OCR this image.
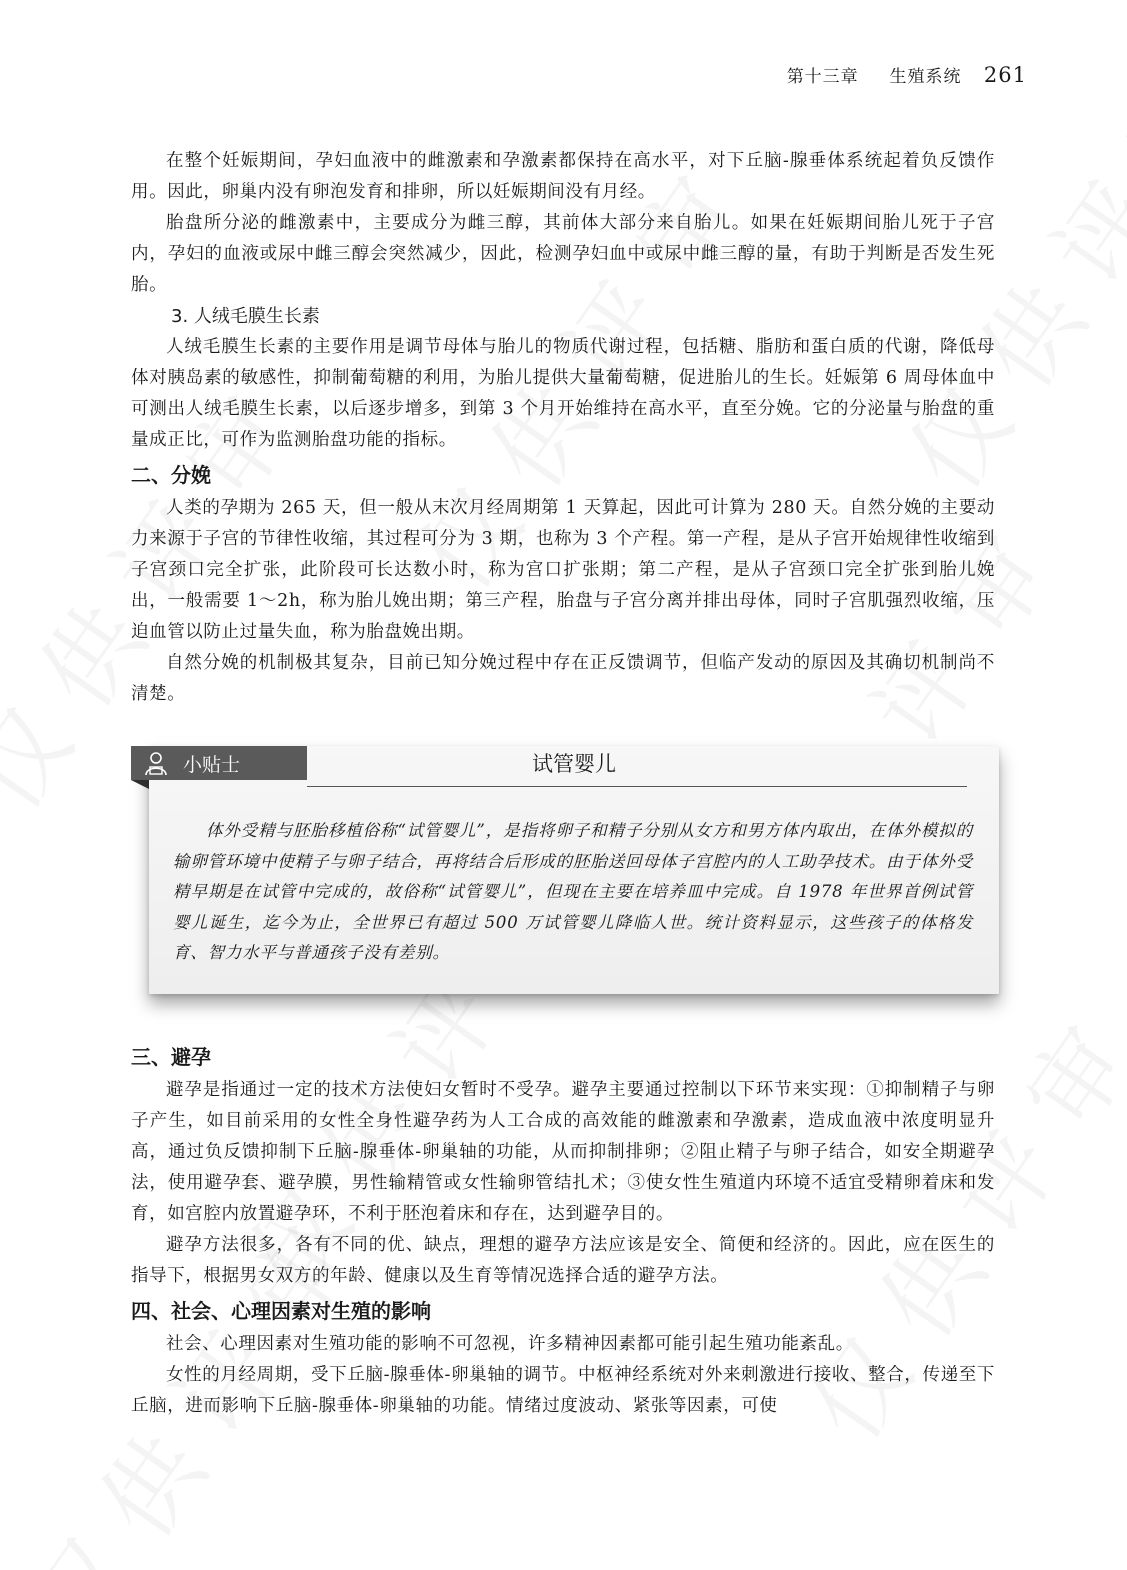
第十三章 生殖系统 261

在整个妊娠期间，孕妇血液中的雌激素和孕激素都保持在高水平，对下丘脑-腺垂体系统起着负反馈作用。因此，卵巢内没有卵泡发育和排卵，所以妊娠期间没有月经。

胎盘所分泌的雌激素中，主要成分为雌三醇，其前体大部分来自胎儿。如果在妊娠期间胎儿死于子宫内，孕妇的血液或尿中雌三醇会突然减少，因此，检测孕妇血中或尿中雌三醇的量，有助于判断是否发生死胎。

3. 人绒毛膜生长素

人绒毛膜生长素的主要作用是调节母体与胎儿的物质代谢过程，包括糖、脂肪和蛋白质的代谢，降低母体对胰岛素的敏感性，抑制葡萄糖的利用，为胎儿提供大量葡萄糖，促进胎儿的生长。妊娠第 6 周母体血中可测出人绒毛膜生长素，以后逐步增多，到第 3 个月开始维持在高水平，直至分娩。它的分泌量与胎盘的重量成正比，可作为监测胎盘功能的指标。

二、分娩

人类的孕期为 265 天，但一般从末次月经周期第 1 天算起，因此可计算为 280 天。自然分娩的主要动力来源于子宫的节律性收缩，其过程可分为 3 期，也称为 3 个产程。第一产程，是从子宫开始规律性收缩到子宫颈口完全扩张，此阶段可长达数小时，称为宫口扩张期；第二产程，是从子宫颈口完全扩张到胎儿娩出，一般需要 1～2h，称为胎儿娩出期；第三产程，胎盘与子宫分离并排出母体，同时子宫肌强烈收缩，压迫血管以防止过量失血，称为胎盘娩出期。

自然分娩的机制极其复杂，目前已知分娩过程中存在正反馈调节，但临产发动的原因及其确切机制尚不清楚。

小贴士	试管婴儿

体外受精与胚胎移植俗称“试管婴儿”，是指将卵子和精子分别从女方和男方体内取出，在体外模拟的输卵管环境中使精子与卵子结合，再将结合后形成的胚胎送回母体子宫腔内的人工助孕技术。由于体外受精早期是在试管中完成的，故俗称“试管婴儿”，但现在主要在培养皿中完成。自 1978 年世界首例试管婴儿诞生，迄今为止，全世界已有超过 500 万试管婴儿降临人世。统计资料显示，这些孩子的体格发育、智力水平与普通孩子没有差别。

三、避孕

避孕是指通过一定的技术方法使妇女暂时不受孕。避孕主要通过控制以下环节来实现：①抑制精子与卵子产生，如目前采用的女性全身性避孕药为人工合成的高效能的雌激素和孕激素，造成血液中浓度明显升高，通过负反馈抑制下丘脑-腺垂体-卵巢轴的功能，从而抑制排卵；②阻止精子与卵子结合，如安全期避孕法，使用避孕套、避孕膜，男性输精管或女性输卵管结扎术；③使女性生殖道内环境不适宜受精卵着床和发育，如宫腔内放置避孕环，不利于胚泡着床和存在，达到避孕目的。

避孕方法很多，各有不同的优、缺点，理想的避孕方法应该是安全、简便和经济的。因此，应在医生的指导下，根据男女双方的年龄、健康以及生育等情况选择合适的避孕方法。

四、社会、心理因素对生殖的影响

社会、心理因素对生殖功能的影响不可忽视，许多精神因素都可能引起生殖功能紊乱。

女性的月经周期，受下丘脑-腺垂体-卵巢轴的调节。中枢神经系统对外来刺激进行接收、整合，传递至下丘脑，进而影响下丘脑-腺垂体-卵巢轴的功能。情绪过度波动、紧张等因素，可使
